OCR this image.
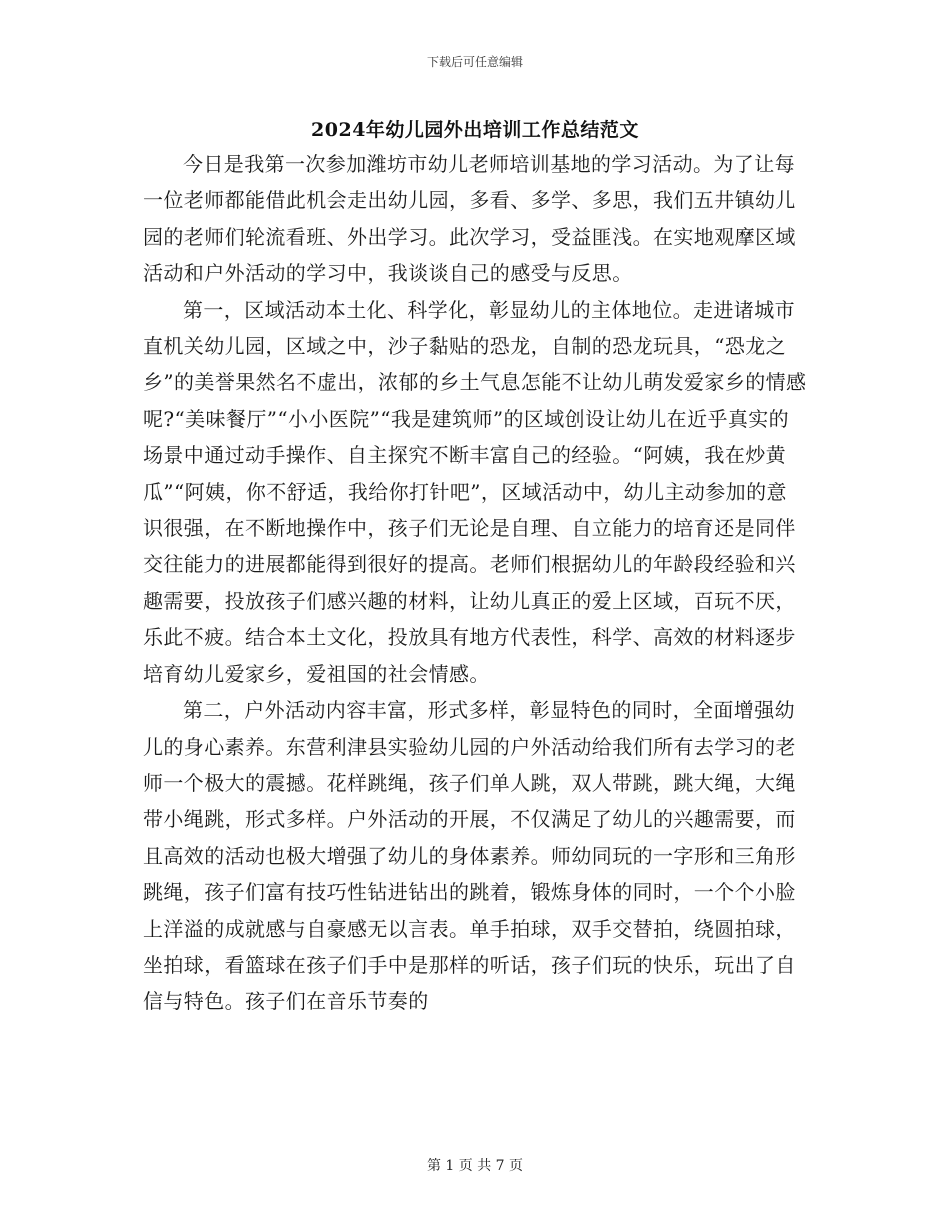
下载后可任意编辑
2024年幼儿园外出培训工作总结范文

今日是我第一次参加潍坊市幼儿老师培训基地的学习活动。为了让每一位老师都能借此机会走出幼儿园，多看、多学、多思，我们五井镇幼儿园的老师们轮流看班、外出学习。此次学习，受益匪浅。在实地观摩区域活动和户外活动的学习中，我谈谈自己的感受与反思。

第一，区域活动本土化、科学化，彰显幼儿的主体地位。走进诸城市直机关幼儿园，区域之中，沙子黏贴的恐龙，自制的恐龙玩具，“恐龙之乡”的美誉果然名不虚出，浓郁的乡土气息怎能不让幼儿萌发爱家乡的情感呢?“美味餐厅”“小小医院”“我是建筑师”的区域创设让幼儿在近乎真实的场景中通过动手操作、自主探究不断丰富自己的经验。“阿姨，我在炒黄瓜”“阿姨，你不舒适，我给你打针吧”，区域活动中，幼儿主动参加的意识很强，在不断地操作中，孩子们无论是自理、自立能力的培育还是同伴交往能力的进展都能得到很好的提高。老师们根据幼儿的年龄段经验和兴趣需要，投放孩子们感兴趣的材料，让幼儿真正的爱上区域，百玩不厌，乐此不疲。结合本土文化，投放具有地方代表性，科学、高效的材料逐步培育幼儿爱家乡，爱祖国的社会情感。

第二，户外活动内容丰富，形式多样，彰显特色的同时，全面增强幼儿的身心素养。东营利津县实验幼儿园的户外活动给我们所有去学习的老师一个极大的震撼。花样跳绳，孩子们单人跳，双人带跳，跳大绳，大绳带小绳跳，形式多样。户外活动的开展，不仅满足了幼儿的兴趣需要，而且高效的活动也极大增强了幼儿的身体素养。师幼同玩的一字形和三角形跳绳，孩子们富有技巧性钻进钻出的跳着，锻炼身体的同时，一个个小脸上洋溢的成就感与自豪感无以言表。单手拍球，双手交替拍，绕圆拍球，坐拍球，看篮球在孩子们手中是那样的听话，孩子们玩的快乐，玩出了自信与特色。孩子们在音乐节奏的

第 1 页 共 7 页
